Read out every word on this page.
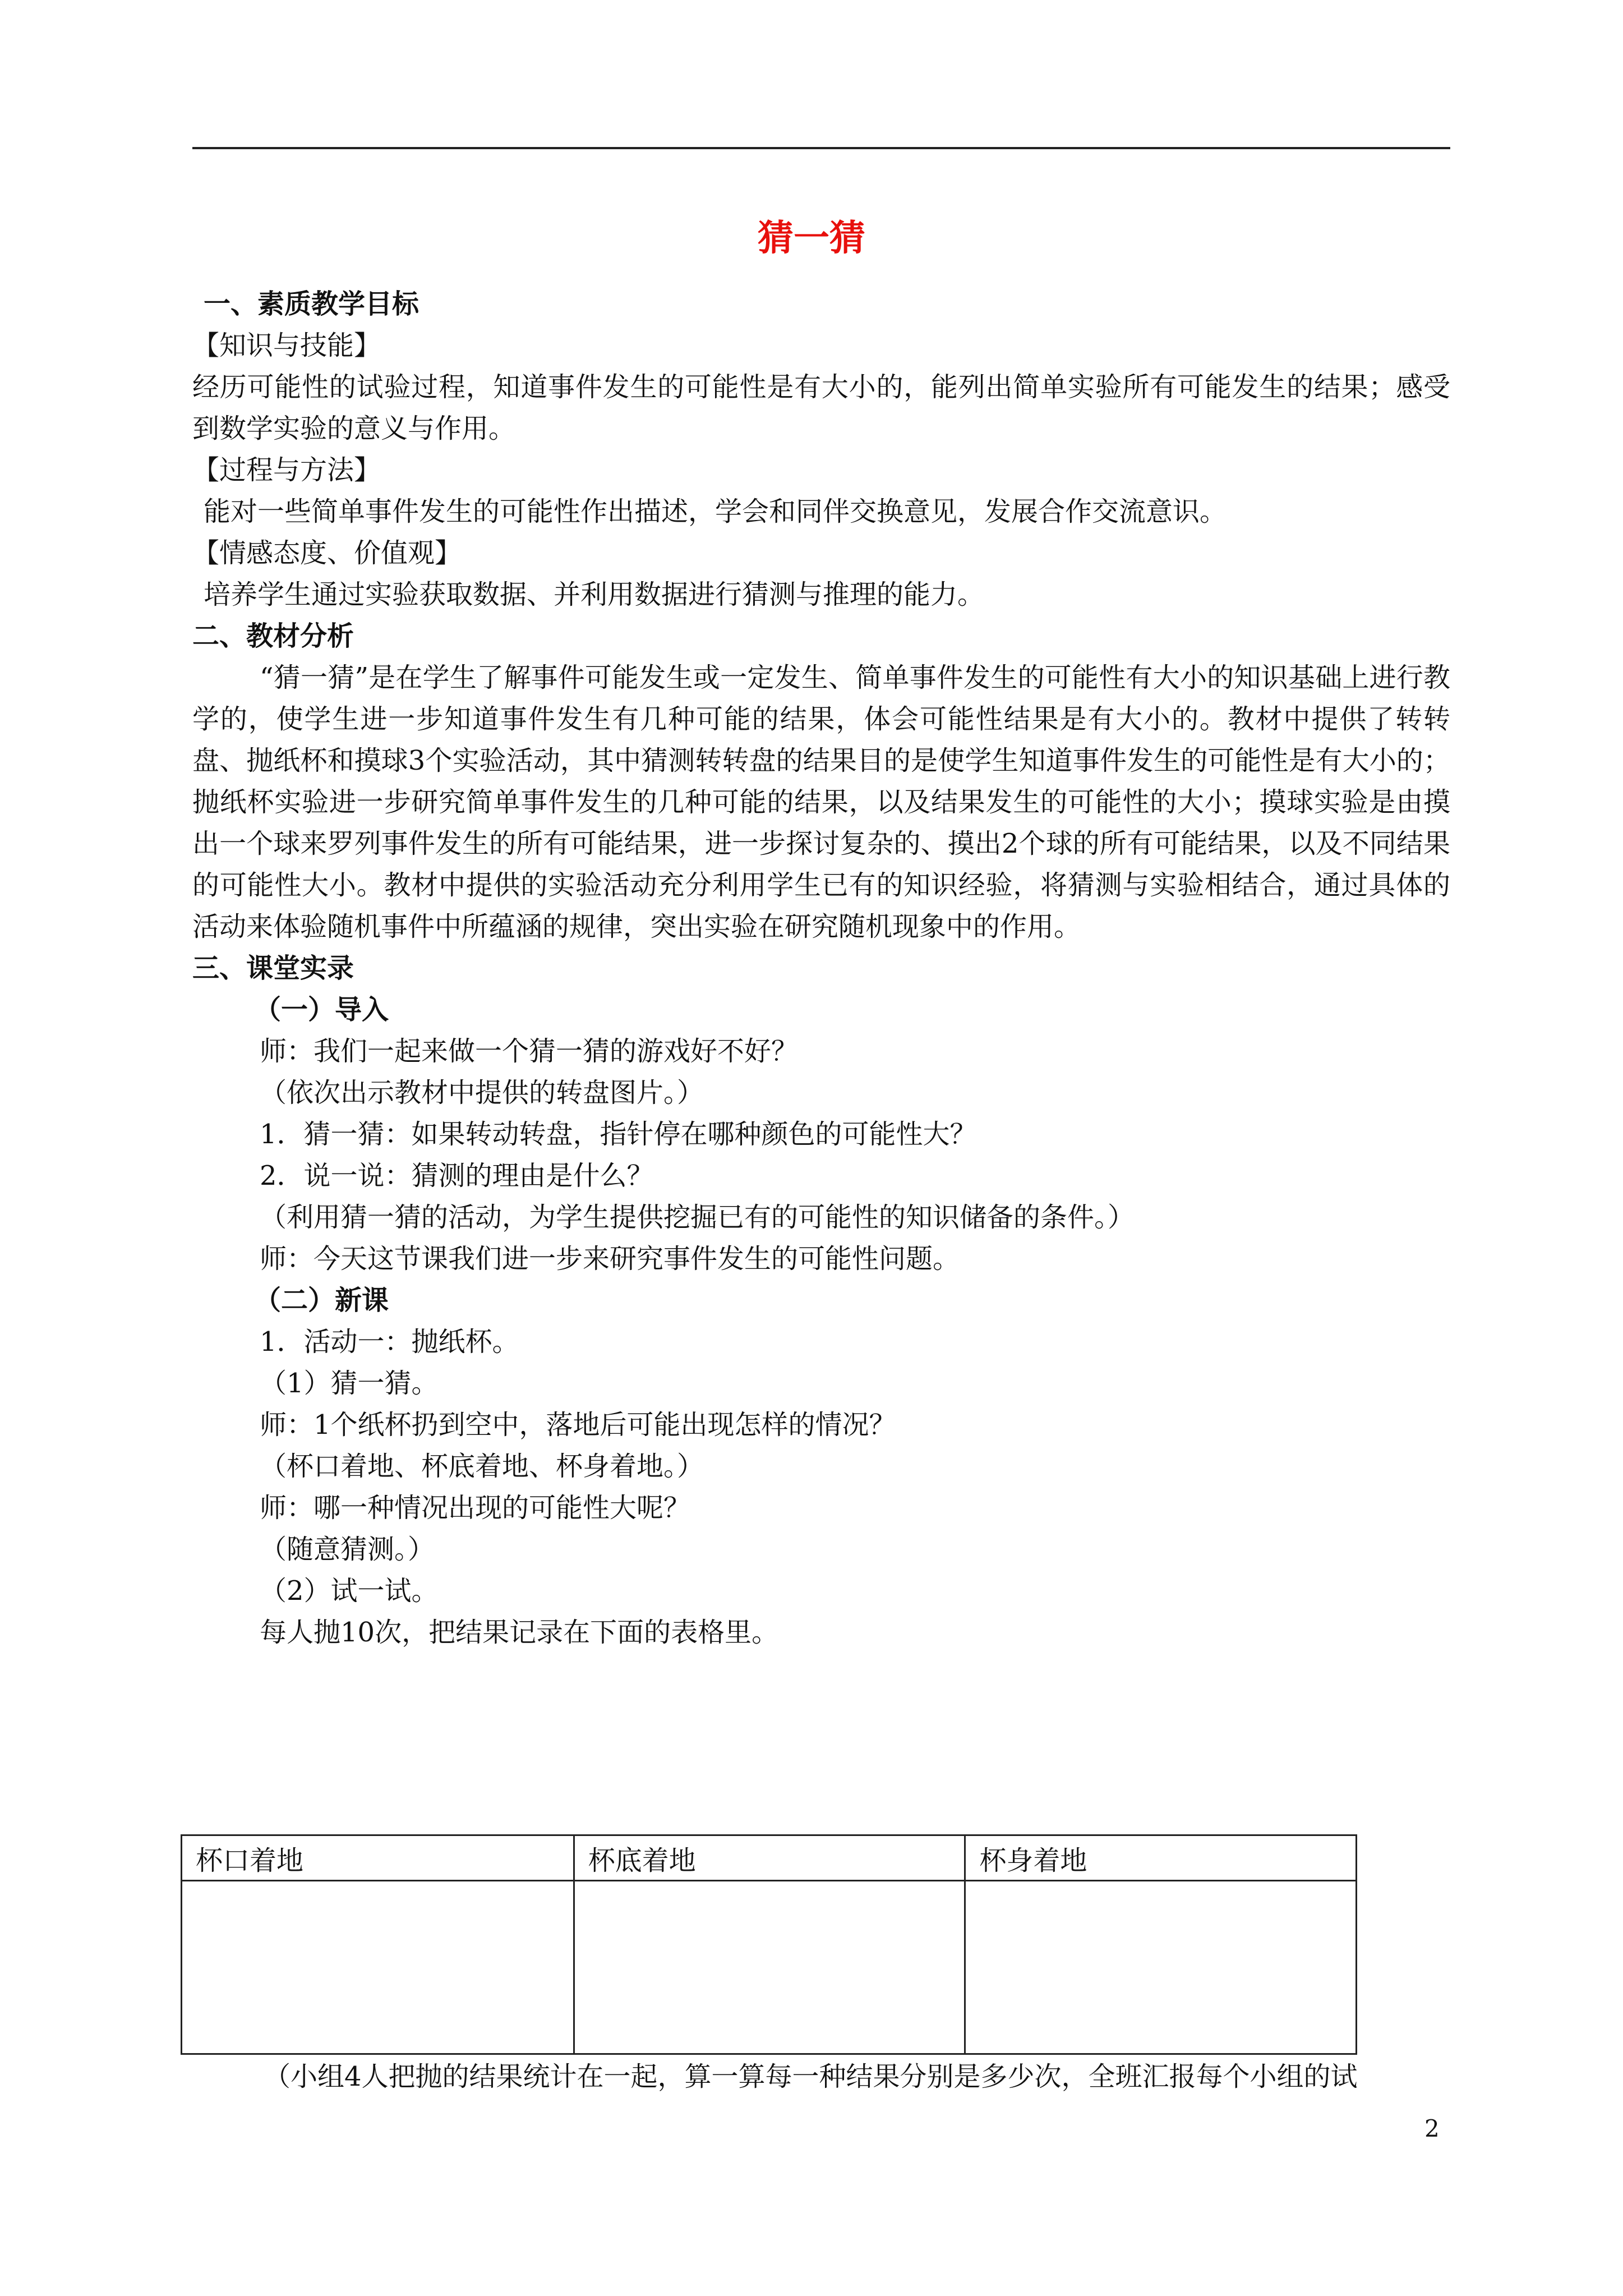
猜一猜

一、素质教学目标

【知识与技能】

经历可能性的试验过程，知道事件发生的可能性是有大小的，能列出简单实验所有可能发生的结果；感受到数学实验的意义与作用。

【过程与方法】

能对一些简单事件发生的可能性作出描述，学会和同伴交换意见，发展合作交流意识。

【情感态度、价值观】

培养学生通过实验获取数据、并利用数据进行猜测与推理的能力。

二、教材分析

“猜一猜”是在学生了解事件可能发生或一定发生、简单事件发生的可能性有大小的知识基础上进行教学的，使学生进一步知道事件发生有几种可能的结果，体会可能性结果是有大小的。教材中提供了转转盘、抛纸杯和摸球3个实验活动，其中猜测转转盘的结果目的是使学生知道事件发生的可能性是有大小的；抛纸杯实验进一步研究简单事件发生的几种可能的结果，以及结果发生的可能性的大小；摸球实验是由摸出一个球来罗列事件发生的所有可能结果，进一步探讨复杂的、摸出2个球的所有可能结果，以及不同结果的可能性大小。教材中提供的实验活动充分利用学生已有的知识经验，将猜测与实验相结合，通过具体的活动来体验随机事件中所蕴涵的规律，突出实验在研究随机现象中的作用。

三、课堂实录

（一）导入

师：我们一起来做一个猜一猜的游戏好不好？

（依次出示教材中提供的转盘图片。）

1．猜一猜：如果转动转盘，指针停在哪种颜色的可能性大？

2．说一说：猜测的理由是什么？

（利用猜一猜的活动，为学生提供挖掘已有的可能性的知识储备的条件。）

师：今天这节课我们进一步来研究事件发生的可能性问题。

（二）新课

1．活动一：抛纸杯。

（1）猜一猜。

师：1个纸杯扔到空中，落地后可能出现怎样的情况？

（杯口着地、杯底着地、杯身着地。）

师：哪一种情况出现的可能性大呢？

（随意猜测。）

（2）试一试。

每人抛10次，把结果记录在下面的表格里。

杯口着地	杯底着地	杯身着地

（小组4人把抛的结果统计在一起，算一算每一种结果分别是多少次，全班汇报每个小组的试
2
